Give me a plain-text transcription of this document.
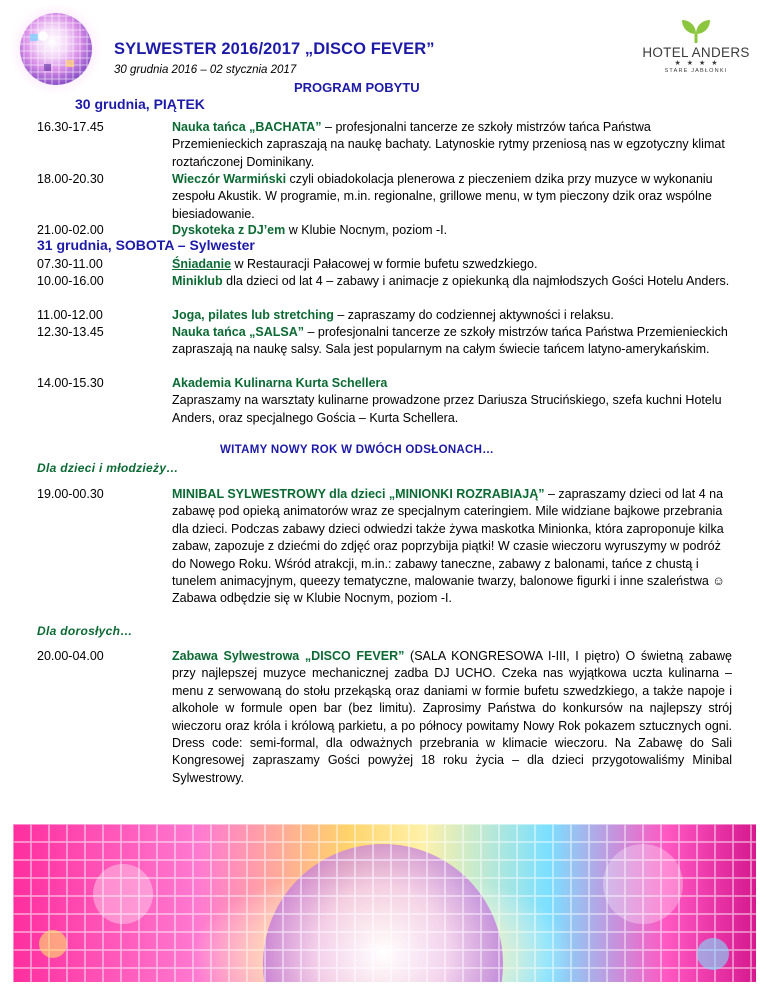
SYLWESTER 2016/2017 „DISCO FEVER”
30 grudnia 2016 – 02 stycznia 2017
PROGRAM POBYTU
HOTEL ANDERS
★★★★
STARE JABŁONKI
30 grudnia, PIĄTEK
16.30-17.45	Nauka tańca „BACHATA” – profesjonalni tancerze ze szkoły mistrzów tańca Państwa Przemienieckich zapraszają na naukę bachaty. Latynoskie rytmy przeniosą nas w egzotyczny klimat roztańczonej Dominikany.
18.00-20.30	Wieczór Warmiński czyli obiadokolacja plenerowa z pieczeniem dzika przy muzyce w wykonaniu zespołu Akustik. W programie, m.in. regionalne, grillowe menu, w tym pieczony dzik oraz wspólne biesiadowanie.
21.00-02.00	Dyskoteka z DJ’em w Klubie Nocnym, poziom -I.
31 grudnia, SOBOTA – Sylwester
07.30-11.00	Śniadanie w Restauracji Pałacowej w formie bufetu szwedzkiego.
10.00-16.00	Miniklub dla dzieci od lat 4 – zabawy i animacje z opiekunką dla najmłodszych Gości Hotelu Anders.
11.00-12.00	Joga, pilates lub stretching – zapraszamy do codziennej aktywności i relaksu.
12.30-13.45	Nauka tańca „SALSA” – profesjonalni tancerze ze szkoły mistrzów tańca Państwa Przemienieckich zapraszają na naukę salsy. Sala jest popularnym na całym świecie tańcem latyno-amerykańskim.
14.00-15.30	Akademia Kulinarna Kurta Schellera
Zapraszamy na warsztaty kulinarne prowadzone przez Dariusza Strucińskiego, szefa kuchni Hotelu Anders, oraz specjalnego Gościa – Kurta Schellera.
WITAMY NOWY ROK W DWÓCH ODSŁONACH…
Dla dzieci i młodzieży…
19.00-00.30	MINIBAL SYLWESTROWY dla dzieci „MINIONKI ROZRABIAJĄ” – zapraszamy dzieci od lat 4 na zabawę pod opieką animatorów wraz ze specjalnym cateringiem. Mile widziane bajkowe przebrania dla dzieci. Podczas zabawy dzieci odwiedzi także żywa maskotka Minionka, która zaproponuje kilka zabaw, zapozuje z dziećmi do zdjęć oraz poprzybija piątki! W czasie wieczoru wyruszymy w podróż do Nowego Roku. Wśród atrakcji, m.in.: zabawy taneczne, zabawy z balonami, tańce z chustą i tunelem animacyjnym, queezy tematyczne, malowanie twarzy, balonowe figurki i inne szaleństwa ☺ Zabawa odbędzie się w Klubie Nocnym, poziom -I.
Dla dorosłych…
20.00-04.00	Zabawa Sylwestrowa „DISCO FEVER” (SALA KONGRESOWA I-III, I piętro) O świetną zabawę przy najlepszej muzyce mechanicznej zadba DJ UCHO. Czeka nas wyjątkowa uczta kulinarna – menu z serwowaną do stołu przekąską oraz daniami w formie bufetu szwedzkiego, a także napoje i alkohole w formule open bar (bez limitu). Zaprosimy Państwa do konkursów na najlepszy strój wieczoru oraz króla i królową parkietu, a po północy powitamy Nowy Rok pokazem sztucznych ogni. Dress code: semi-formal, dla odważnych przebrania w klimacie wieczoru. Na Zabawę do Sali Kongresowej zapraszamy Gości powyżej 18 roku życia – dla dzieci przygotowaliśmy Minibal Sylwestrowy.
